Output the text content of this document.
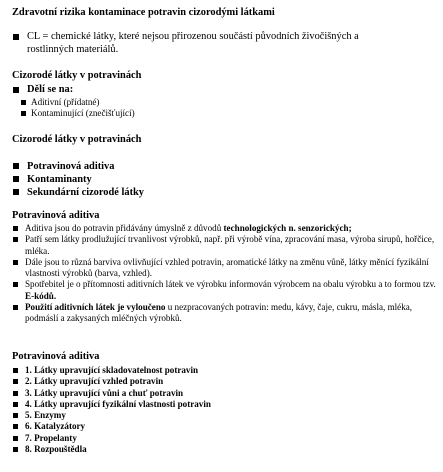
Zdravotní rizika kontaminace potravin cizorodými látkami
CL = chemické látky, které nejsou přirozenou součástí původních živočišných a rostlinných materiálů.
Cizorodé látky v potravinách
Dělí se na:
Aditivní (přídatné)
Kontaminující (znečišťující)
Cizorodé látky v potravinách
Potravinová aditiva
Kontaminanty
Sekundární cizorodé látky
Potravinová aditiva
Aditiva jsou do potravin přidávány úmyslně z důvodů technologických n. senzorických;
Patří sem látky prodlužující trvanlivost výrobků, např. při výrobě vína, zpracování masa, výroba sirupů, hořčice, mléka.
Dále jsou to různá barviva ovlivňující vzhled potravin, aromatické látky na změnu vůně, látky měnící fyzikální vlastnosti výrobků (barva, vzhled).
Spotřebitel je o přítomnosti aditivních látek ve výrobku informován výrobcem na obalu výrobku a to formou tzv. E-kódů.
Použití aditivních látek je vyloučeno u nezpracovaných potravin: medu, kávy, čaje, cukru, másla, mléka, podmáslí a zakysaných mléčných výrobků.
Potravinová aditiva
1. Látky upravující skladovatelnost potravin
2. Látky upravující vzhled potravin
3. Látky upravující vůni a chuť potravin
4. Látky upravující fyzikální vlastnosti potravin
5. Enzymy
6. Katalyzátory
7. Propelanty
8. Rozpouštědla
